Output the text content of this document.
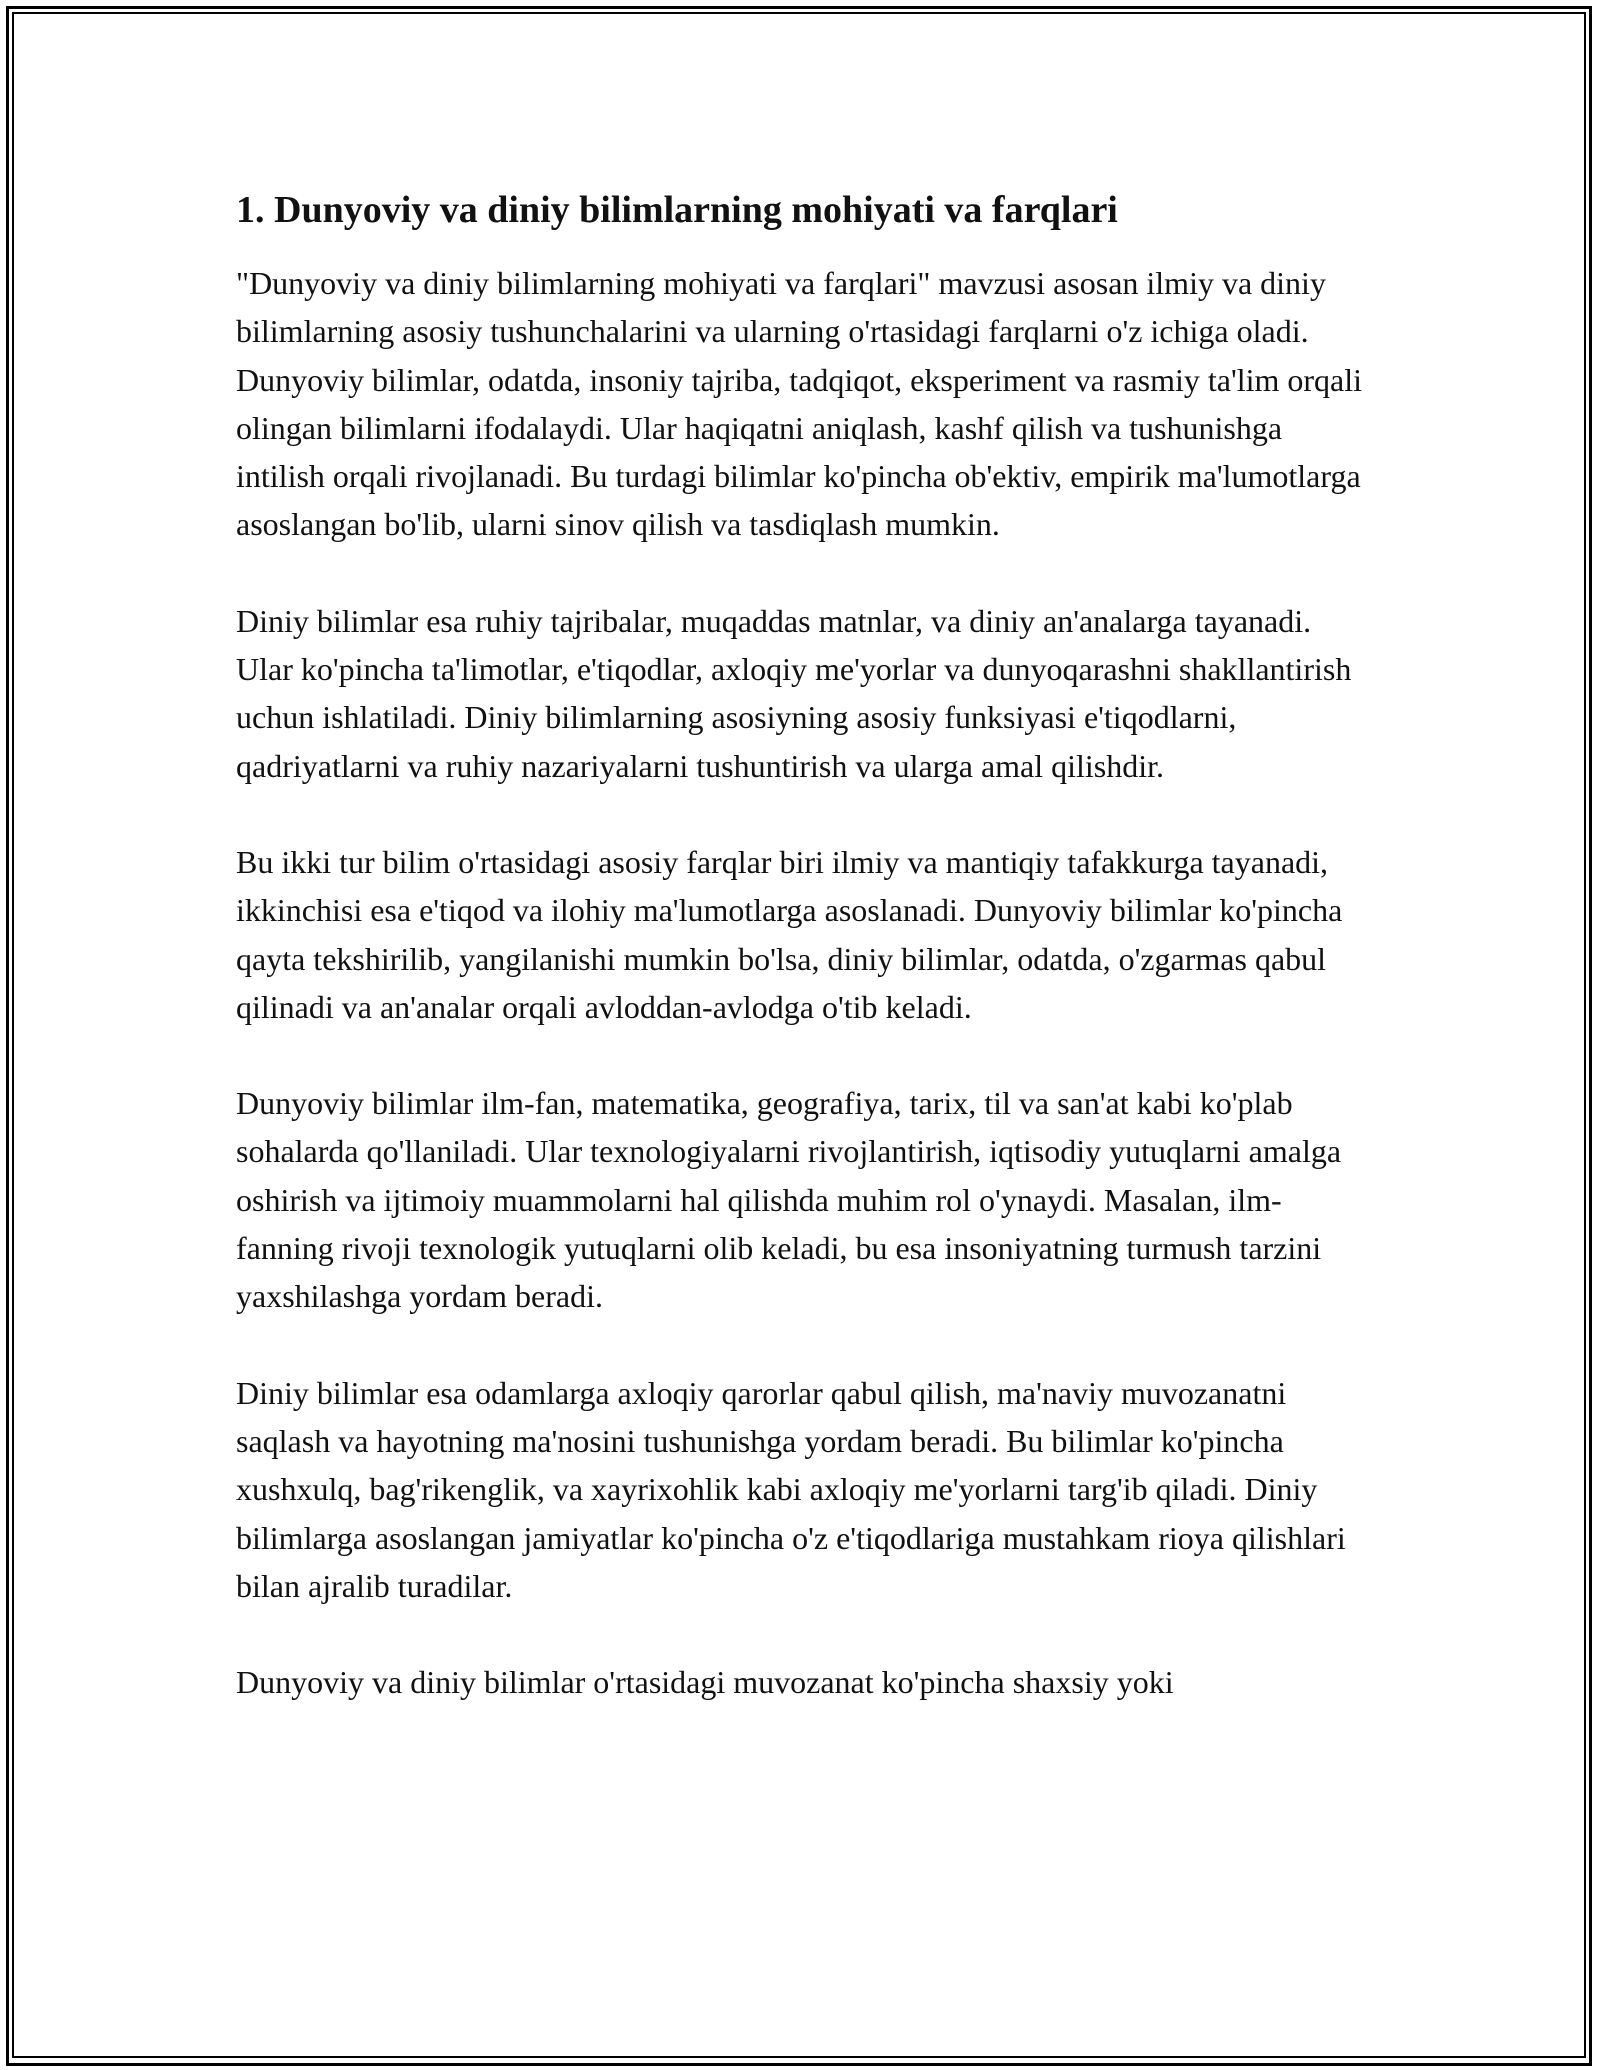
1. Dunyoviy va diniy bilimlarning mohiyati va farqlari

"Dunyoviy va diniy bilimlarning mohiyati va farqlari" mavzusi asosan ilmiy va diniy bilimlarning asosiy tushunchalarini va ularning o'rtasidagi farqlarni o'z ichiga oladi. Dunyoviy bilimlar, odatda, insoniy tajriba, tadqiqot, eksperiment va rasmiy ta'lim orqali olingan bilimlarni ifodalaydi. Ular haqiqatni aniqlash, kashf qilish va tushunishga intilish orqali rivojlanadi. Bu turdagi bilimlar ko'pincha ob'ektiv, empirik ma'lumotlarga asoslangan bo'lib, ularni sinov qilish va tasdiqlash mumkin.

Diniy bilimlar esa ruhiy tajribalar, muqaddas matnlar, va diniy an'analarga tayanadi. Ular ko'pincha ta'limotlar, e'tiqodlar, axloqiy me'yorlar va dunyoqarashni shakllantirish uchun ishlatiladi. Diniy bilimlarning asosiyning asosiy funksiyasi e'tiqodlarni, qadriyatlarni va ruhiy nazariyalarni tushuntirish va ularga amal qilishdir.

Bu ikki tur bilim o'rtasidagi asosiy farqlar biri ilmiy va mantiqiy tafakkurga tayanadi, ikkinchisi esa e'tiqod va ilohiy ma'lumotlarga asoslanadi. Dunyoviy bilimlar ko'pincha qayta tekshirilib, yangilanishi mumkin bo'lsa, diniy bilimlar, odatda, o'zgarmas qabul qilinadi va an'analar orqali avloddan-avlodga o'tib keladi.

Dunyoviy bilimlar ilm-fan, matematika, geografiya, tarix, til va san'at kabi ko'plab sohalarda qo'llaniladi. Ular texnologiyalarni rivojlantirish, iqtisodiy yutuqlarni amalga oshirish va ijtimoiy muammolarni hal qilishda muhim rol o'ynaydi. Masalan, ilm-fanning rivoji texnologik yutuqlarni olib keladi, bu esa insoniyatning turmush tarzini yaxshilashga yordam beradi.

Diniy bilimlar esa odamlarga axloqiy qarorlar qabul qilish, ma'naviy muvozanatni saqlash va hayotning ma'nosini tushunishga yordam beradi. Bu bilimlar ko'pincha xushxulq, bag'rikenglik, va xayrixohlik kabi axloqiy me'yorlarni targ'ib qiladi. Diniy bilimlarga asoslangan jamiyatlar ko'pincha o'z e'tiqodlariga mustahkam rioya qilishlari bilan ajralib turadilar.

Dunyoviy va diniy bilimlar o'rtasidagi muvozanat ko'pincha shaxsiy yoki
